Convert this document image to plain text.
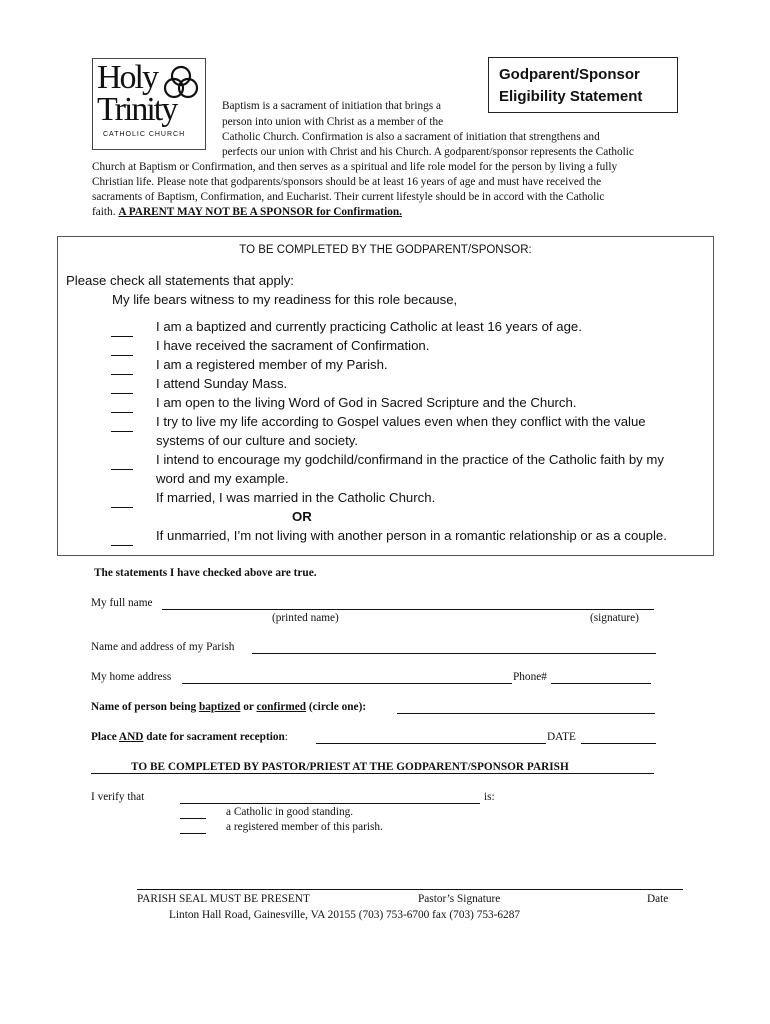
Holy
Trinity
CATHOLIC CHURCH
Godparent/Sponsor
Eligibility Statement
Baptism is a sacrament of initiation that brings a
person into union with Christ as a member of the
Catholic Church. Confirmation is also a sacrament of initiation that strengthens and
perfects our union with Christ and his Church. A godparent/sponsor represents the Catholic
Church at Baptism or Confirmation, and then serves as a spiritual and life role model for the person by living a fully
Christian life. Please note that godparents/sponsors should be at least 16 years of age and must have received the
sacraments of Baptism, Confirmation, and Eucharist. Their current lifestyle should be in accord with the Catholic
faith. A PARENT MAY NOT BE A SPONSOR for Confirmation.
TO BE COMPLETED BY THE GODPARENT/SPONSOR:
Please check all statements that apply:
My life bears witness to my readiness for this role because,
I am a baptized and currently practicing Catholic at least 16 years of age.
I have received the sacrament of Confirmation.
I am a registered member of my Parish.
I attend Sunday Mass.
I am open to the living Word of God in Sacred Scripture and the Church.
I try to live my life according to Gospel values even when they conflict with the value
systems of our culture and society.
I intend to encourage my godchild/confirmand in the practice of the Catholic faith by my
word and my example.
If married, I was married in the Catholic Church.
OR
If unmarried, I’m not living with another person in a romantic relationship or as a couple.
The statements I have checked above are true.
My full name
(printed name)	(signature)
Name and address of my Parish
My home address	Phone#
Name of person being baptized or confirmed (circle one):
Place AND date for sacrament reception:	DATE
TO BE COMPLETED BY PASTOR/PRIEST AT THE GODPARENT/SPONSOR PARISH
I verify that	is:
a Catholic in good standing.
a registered member of this parish.
PARISH SEAL MUST BE PRESENT	Pastor’s Signature	Date
Linton Hall Road, Gainesville, VA 20155 (703) 753-6700 fax (703) 753-6287
